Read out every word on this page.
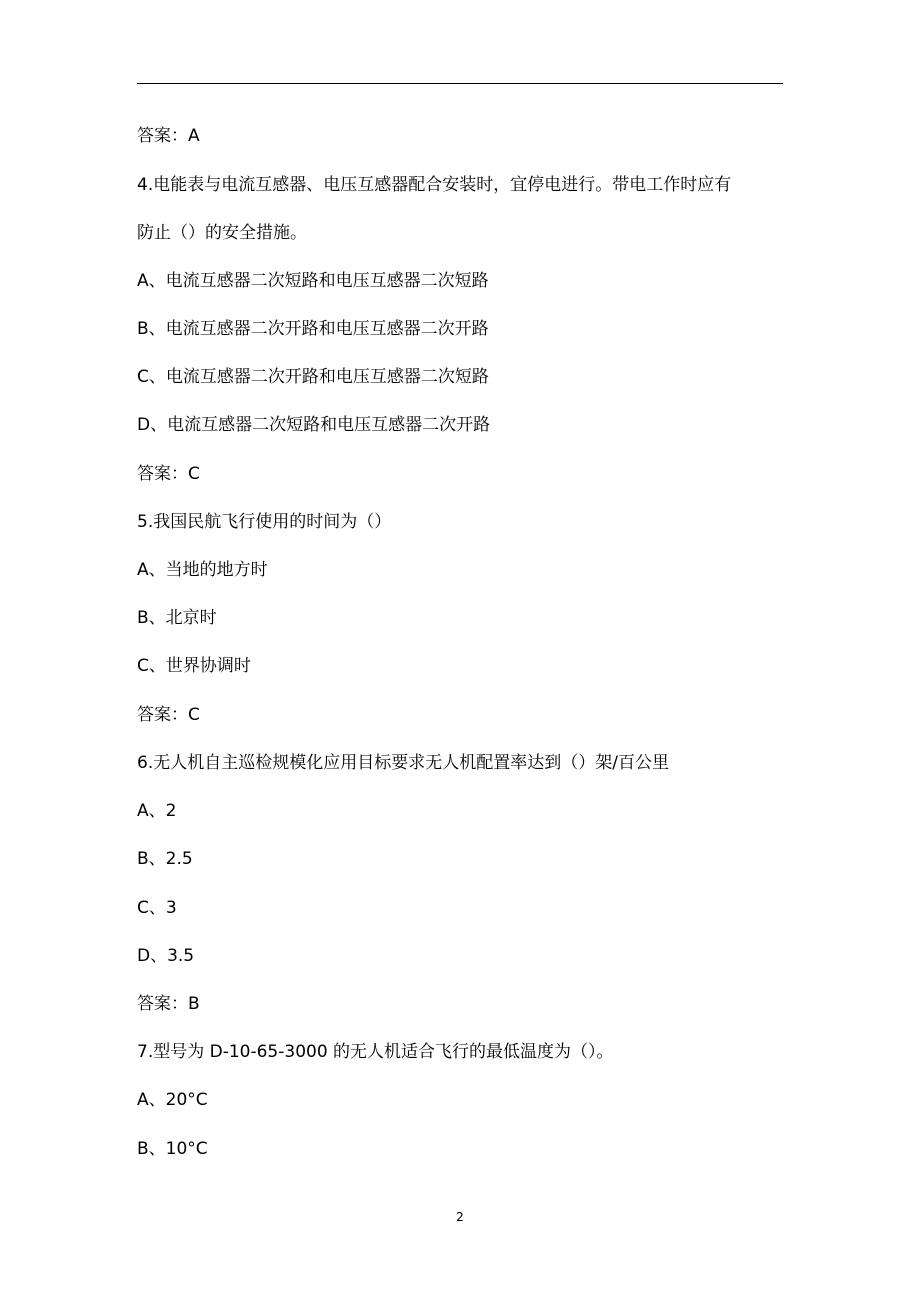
答案：A
4.电能表与电流互感器、电压互感器配合安装时，宜停电进行。带电工作时应有
防止（）的安全措施。
A、电流互感器二次短路和电压互感器二次短路
B、电流互感器二次开路和电压互感器二次开路
C、电流互感器二次开路和电压互感器二次短路
D、电流互感器二次短路和电压互感器二次开路
答案：C
5.我国民航飞行使用的时间为（）
A、当地的地方时
B、北京时
C、世界协调时
答案：C
6.无人机自主巡检规模化应用目标要求无人机配置率达到（）架/百公里
A、2
B、2.5
C、3
D、3.5
答案：B
7.型号为 D-10-65-3000 的无人机适合飞行的最低温度为（）。
A、20°C
B、10°C
2
